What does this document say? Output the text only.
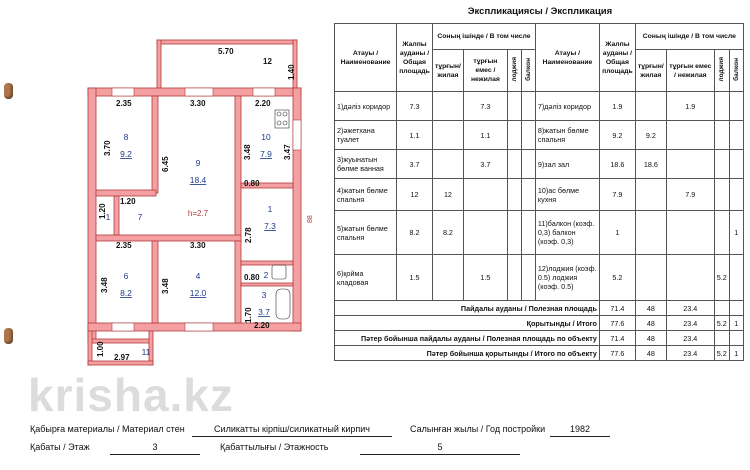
5.70
12
1.40
2.35	3.30	2.20
3.70
6.45
3.48	3.47
0.80
1.20
1.20
2.35	3.30
2.78
3.48	3.48
0.80
1.70
2.20
1.00
2.97
8
9.2
9
18.4
10
7.9
1
7.3
7
1
6
8.2
4
12.0
2
3
3.7
11
h=2.7
88
krisha.kz
Экспликациясы / Экспликация
Атауы / Наименование	Жалпы ауданы / Общая площадь	Соның ішінде / В том числе				Атауы / Наименование	Жалпы ауданы / Общая площадь	Соның ішінде / В том числе			
		тұрғын/ жилая	тұрғын емес / нежилая	лоджия	балкон			тұрғын/ жилая	тұрғын емес / нежилая	лоджия	балкон
1)дәліз коридор	7.3		7.3			7)дәліз коридор	1.9		1.9		
2)әжетхана туалет	1.1		1.1			8)жатын бөлме спальня	9.2	9.2			
3)жуынатын бөлме ванная	3.7		3.7			9)зал зал	18.6	18.6			
4)жатын бөлме спальня	12	12				10)ас бөлме кухня	7.9		7.9		
5)жатын бөлме спальня	8.2	8.2				11)балкон (коэф. 0,3) балкон (коэф. 0,3)	1				1
6)қойма кладовая	1.5		1.5			12)лоджия (коэф. 0.5) лоджия (коэф. 0.5)	5.2			5.2	
Пайдалы ауданы / Полезная площадь							71.4	48	23.4		
Қорытынды / Итого							77.6	48	23.4	5.2	1
Пәтер бойынша пайдалы ауданы / Полезная площадь по объекту							71.4	48	23.4		
Пәтер бойынша қорытынды / Итого по объекту							77.6	48	23.4	5.2	1
Қабырға материалы / Материал стен	Силикатты кірпіш/силикатный кирпич	Салынған жылы / Год постройки	1982
Қабаты / Этаж	3	Қабаттылығы / Этажность	5
